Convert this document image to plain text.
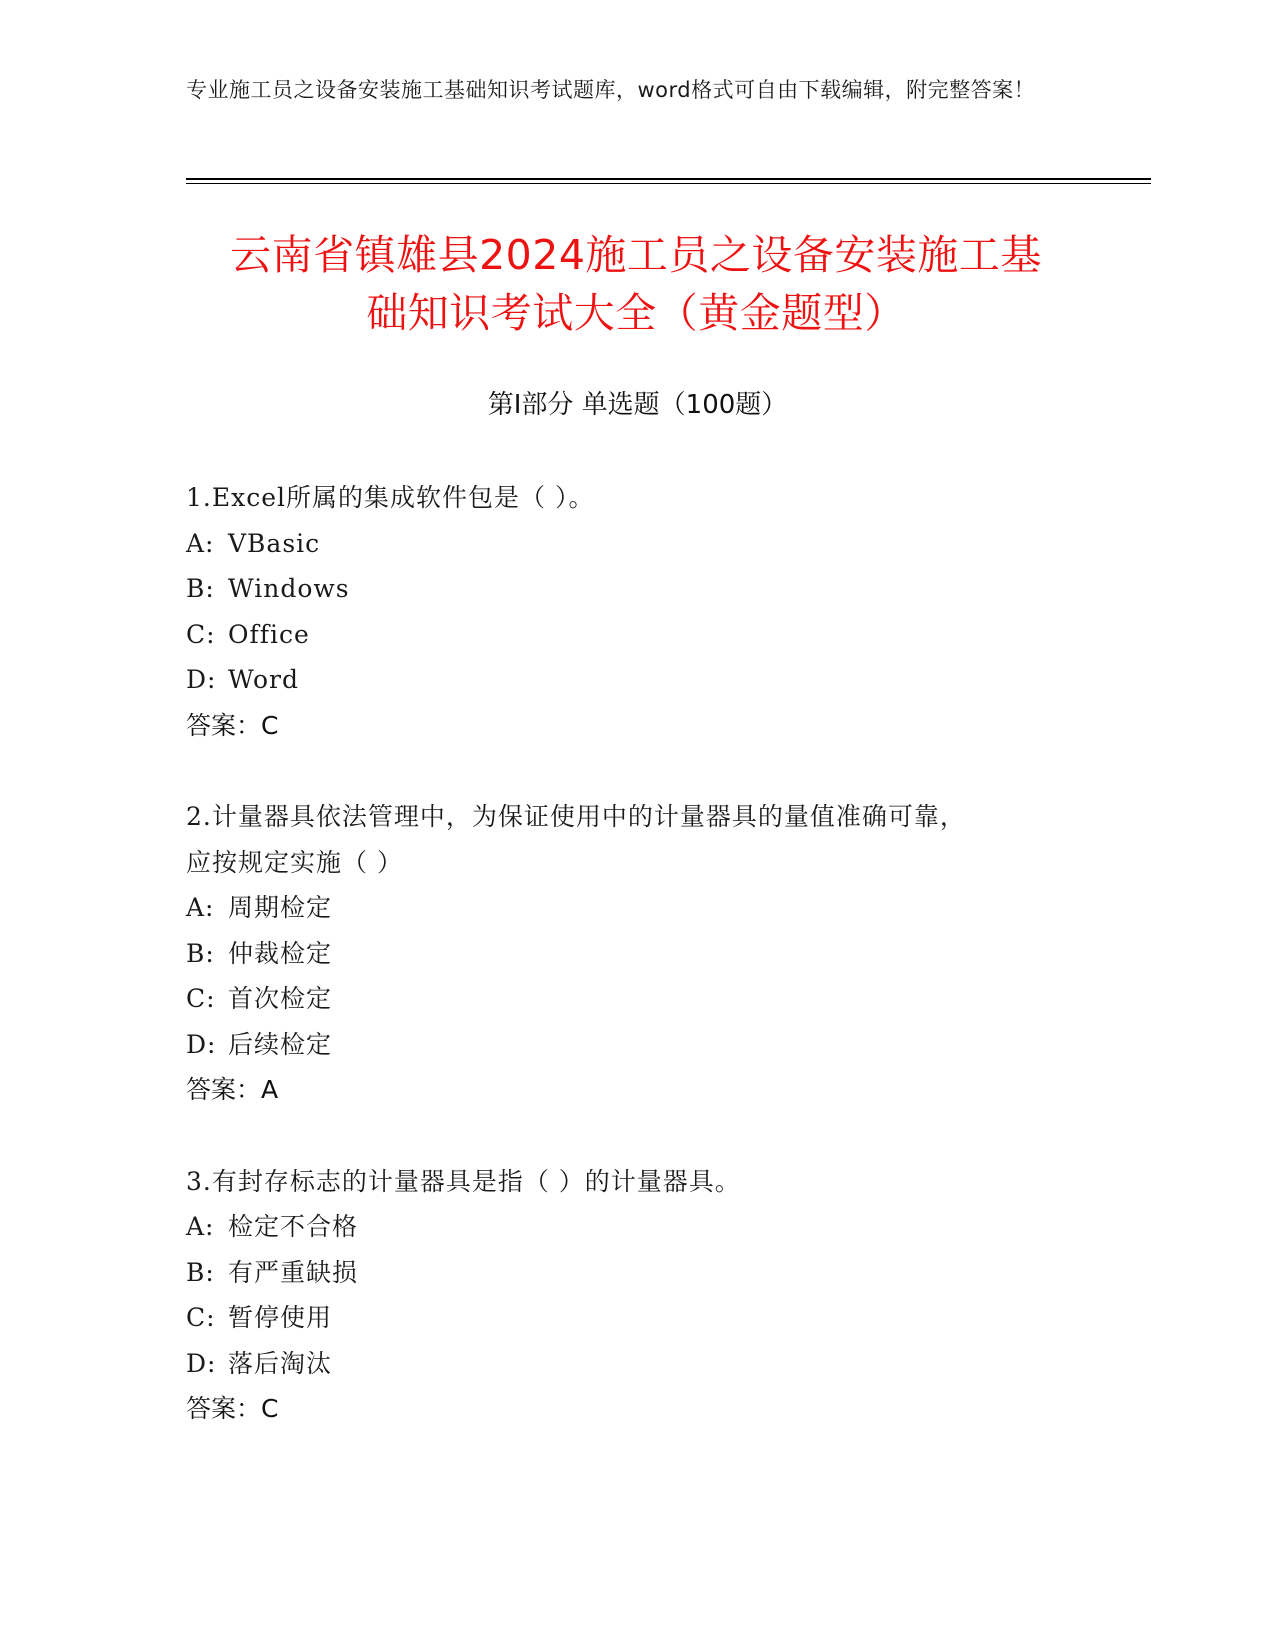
专业施工员之设备安装施工基础知识考试题库，word格式可自由下载编辑，附完整答案！
云南省镇雄县2024施工员之设备安装施工基
础知识考试大全（黄金题型）
第Ⅰ部分 单选题（100题）
1.Excel所属的集成软件包是（ ）。
A: VBasic
B: Windows
C: Office
D: Word
答案：C
2.计量器具依法管理中，为保证使用中的计量器具的量值准确可靠，
应按规定实施（ ）
A: 周期检定
B: 仲裁检定
C: 首次检定
D: 后续检定
答案：A
3.有封存标志的计量器具是指（ ）的计量器具。
A: 检定不合格
B: 有严重缺损
C: 暂停使用
D: 落后淘汰
答案：C
